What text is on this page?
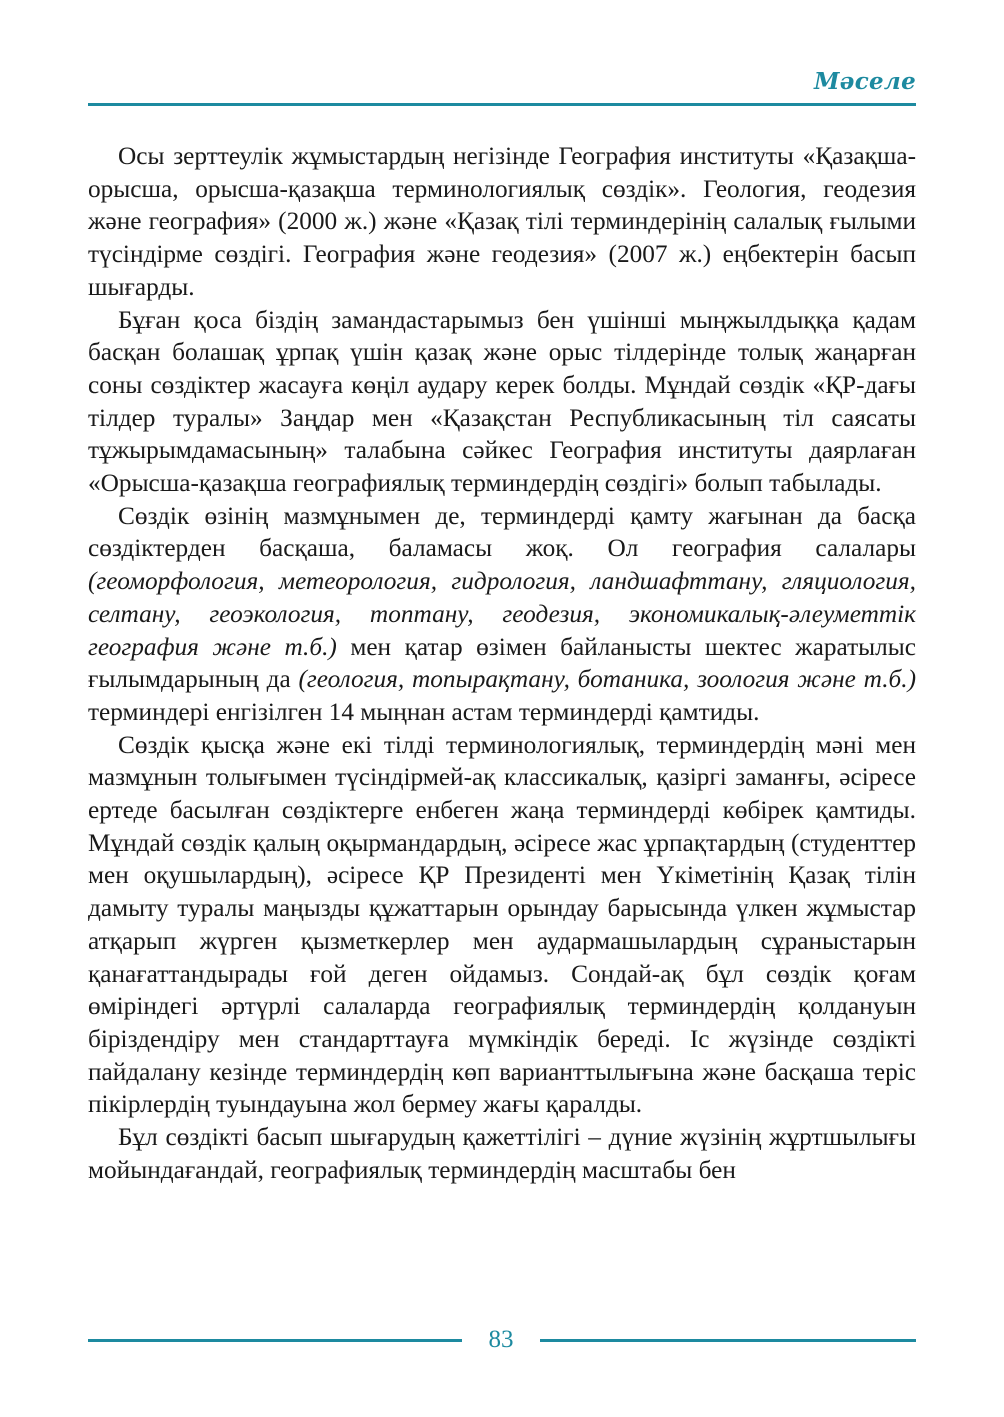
Мәселе

Осы зерттеулік жұмыстардың негізінде География институты «Қазақша-орысша, орысша-қазақша терминологиялық сөздік». Геология, геодезия және география» (2000 ж.) және «Қазақ тілі терминдерінің салалық ғылыми түсіндірме сөздігі. География және геодезия» (2007 ж.) еңбектерін басып шығарды.

Бұған қоса біздің замандастарымыз бен үшінші мыңжылдыққа қадам басқан болашақ ұрпақ үшін қазақ және орыс тілдерінде толық жаңарған соны сөздіктер жасауға көңіл аудару керек болды. Мұндай сөздік «ҚР-дағы тілдер туралы» Заңдар мен «Қазақстан Республикасының тіл саясаты тұжырымдамасының» талабына сәйкес География институты даярлаған «Орысша-қазақша географиялық терминдердің сөздігі» болып табылады.

Сөздік өзінің мазмұнымен де, терминдерді қамту жағынан да басқа сөздіктерден басқаша, баламасы жоқ. Ол география салалары (геоморфология, метеорология, гидрология, ландшафттану, гляциология, селтану, геоэкология, топтану, геодезия, экономикалық-әлеуметтік география және т.б.) мен қатар өзімен байланысты шектес жаратылыс ғылымдарының да (геология, топырақтану, ботаника, зоология және т.б.) терминдері енгізілген 14 мыңнан астам терминдерді қамтиды.

Сөздік қысқа және екі тілді терминологиялық, терминдердің мәні мен мазмұнын толығымен түсіндірмей-ақ классикалық, қазіргі заманғы, әсіресе ертеде басылған сөздіктерге енбеген жаңа терминдерді көбірек қамтиды. Мұндай сөздік қалың оқырмандардың, әсіресе жас ұрпақтардың (студенттер мен оқушылардың), әсіресе ҚР Президенті мен Үкіметінің Қазақ тілін дамыту туралы маңызды құжаттарын орындау барысында үлкен жұмыстар атқарып жүрген қызметкерлер мен аудармашылардың сұраныстарын қанағаттандырады ғой деген ойдамыз. Сондай-ақ бұл сөздік қоғам өміріндегі әртүрлі салаларда географиялық терминдердің қолдануын біріздендіру мен стандарттауға мүмкіндік береді. Іс жүзінде сөздікті пайдалану кезінде терминдердің көп варианттылығына және басқаша теріс пікірлердің туындауына жол бермеу жағы қаралды.

Бұл сөздікті басып шығарудың қажеттілігі – дүние жүзінің жұртшылығы мойындағандай, географиялық терминдердің масштабы бен

83
